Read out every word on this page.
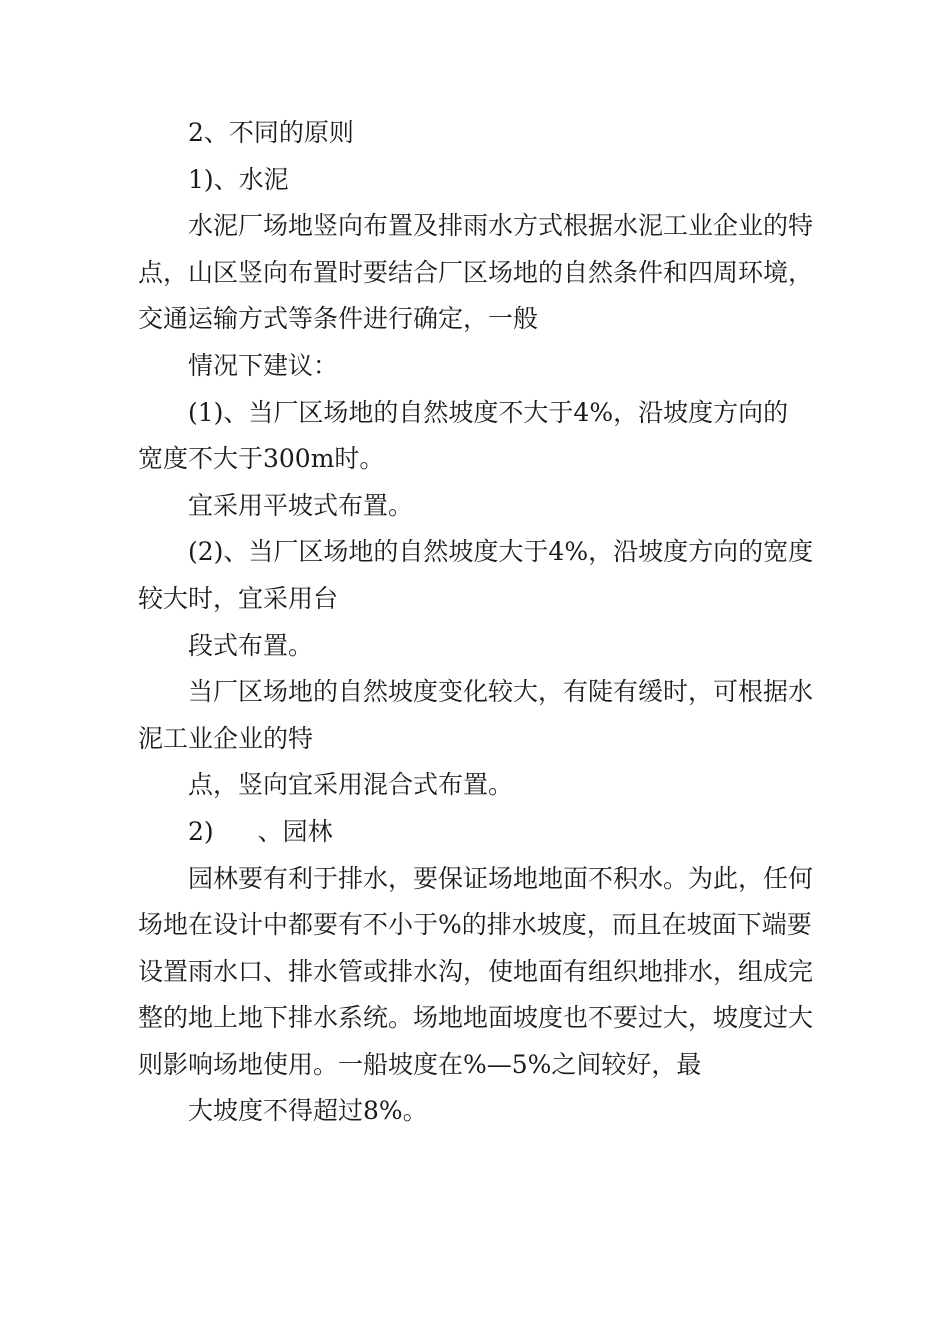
2、不同的原则

1)、水泥

水泥厂场地竖向布置及排雨水方式根据水泥工业企业的特

点，山区竖向布置时要结合厂区场地的自然条件和四周环境，

交通运输方式等条件进行确定，一般

情况下建议：

(1)、当厂区场地的自然坡度不大于4%，沿坡度方向的

宽度不大于300m时。

宜采用平坡式布置。

(2)、当厂区场地的自然坡度大于4%，沿坡度方向的宽度

较大时，宜采用台

段式布置。

当厂区场地的自然坡度变化较大，有陡有缓时，可根据水

泥工业企业的特

点，竖向宜采用混合式布置。

2) 、园林

园林要有利于排水，要保证场地地面不积水。为此，任何

场地在设计中都要有不小于%的排水坡度，而且在坡面下端要

设置雨水口、排水管或排水沟，使地面有组织地排水，组成完

整的地上地下排水系统。场地地面坡度也不要过大，坡度过大

则影响场地使用。一船坡度在%—5%之间较好，最

大坡度不得超过8%。
